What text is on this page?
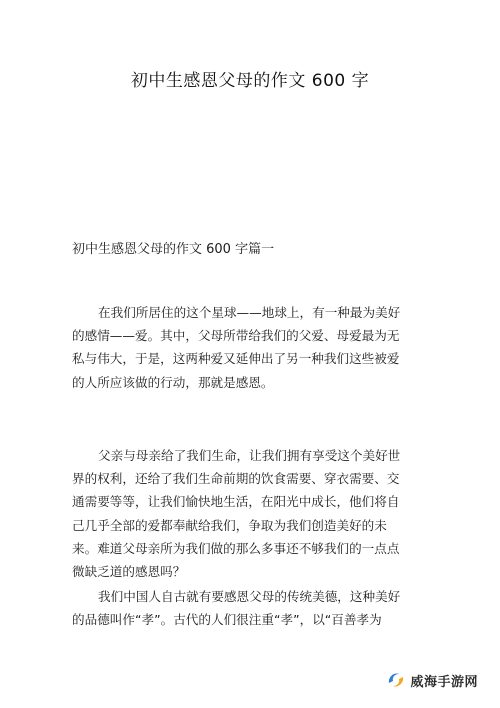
初中生感恩父母的作文 600 字
初中生感恩父母的作文 600 字篇一
在我们所居住的这个星球——地球上，有一种最为美好
的感情——爱。其中，父母所带给我们的父爱、母爱最为无
私与伟大，于是，这两种爱又延伸出了另一种我们这些被爱
的人所应该做的行动，那就是感恩。
父亲与母亲给了我们生命，让我们拥有享受这个美好世
界的权利，还给了我们生命前期的饮食需要、穿衣需要、交
通需要等等，让我们愉快地生活，在阳光中成长，他们将自
己几乎全部的爱都奉献给我们，争取为我们创造美好的未
来。难道父母亲所为我们做的那么多事还不够我们的一点点
微缺乏道的感恩吗？
我们中国人自古就有要感恩父母的传统美德，这种美好
的品德叫作“孝”。古代的人们很注重“孝”，以“百善孝为
威海手游网
